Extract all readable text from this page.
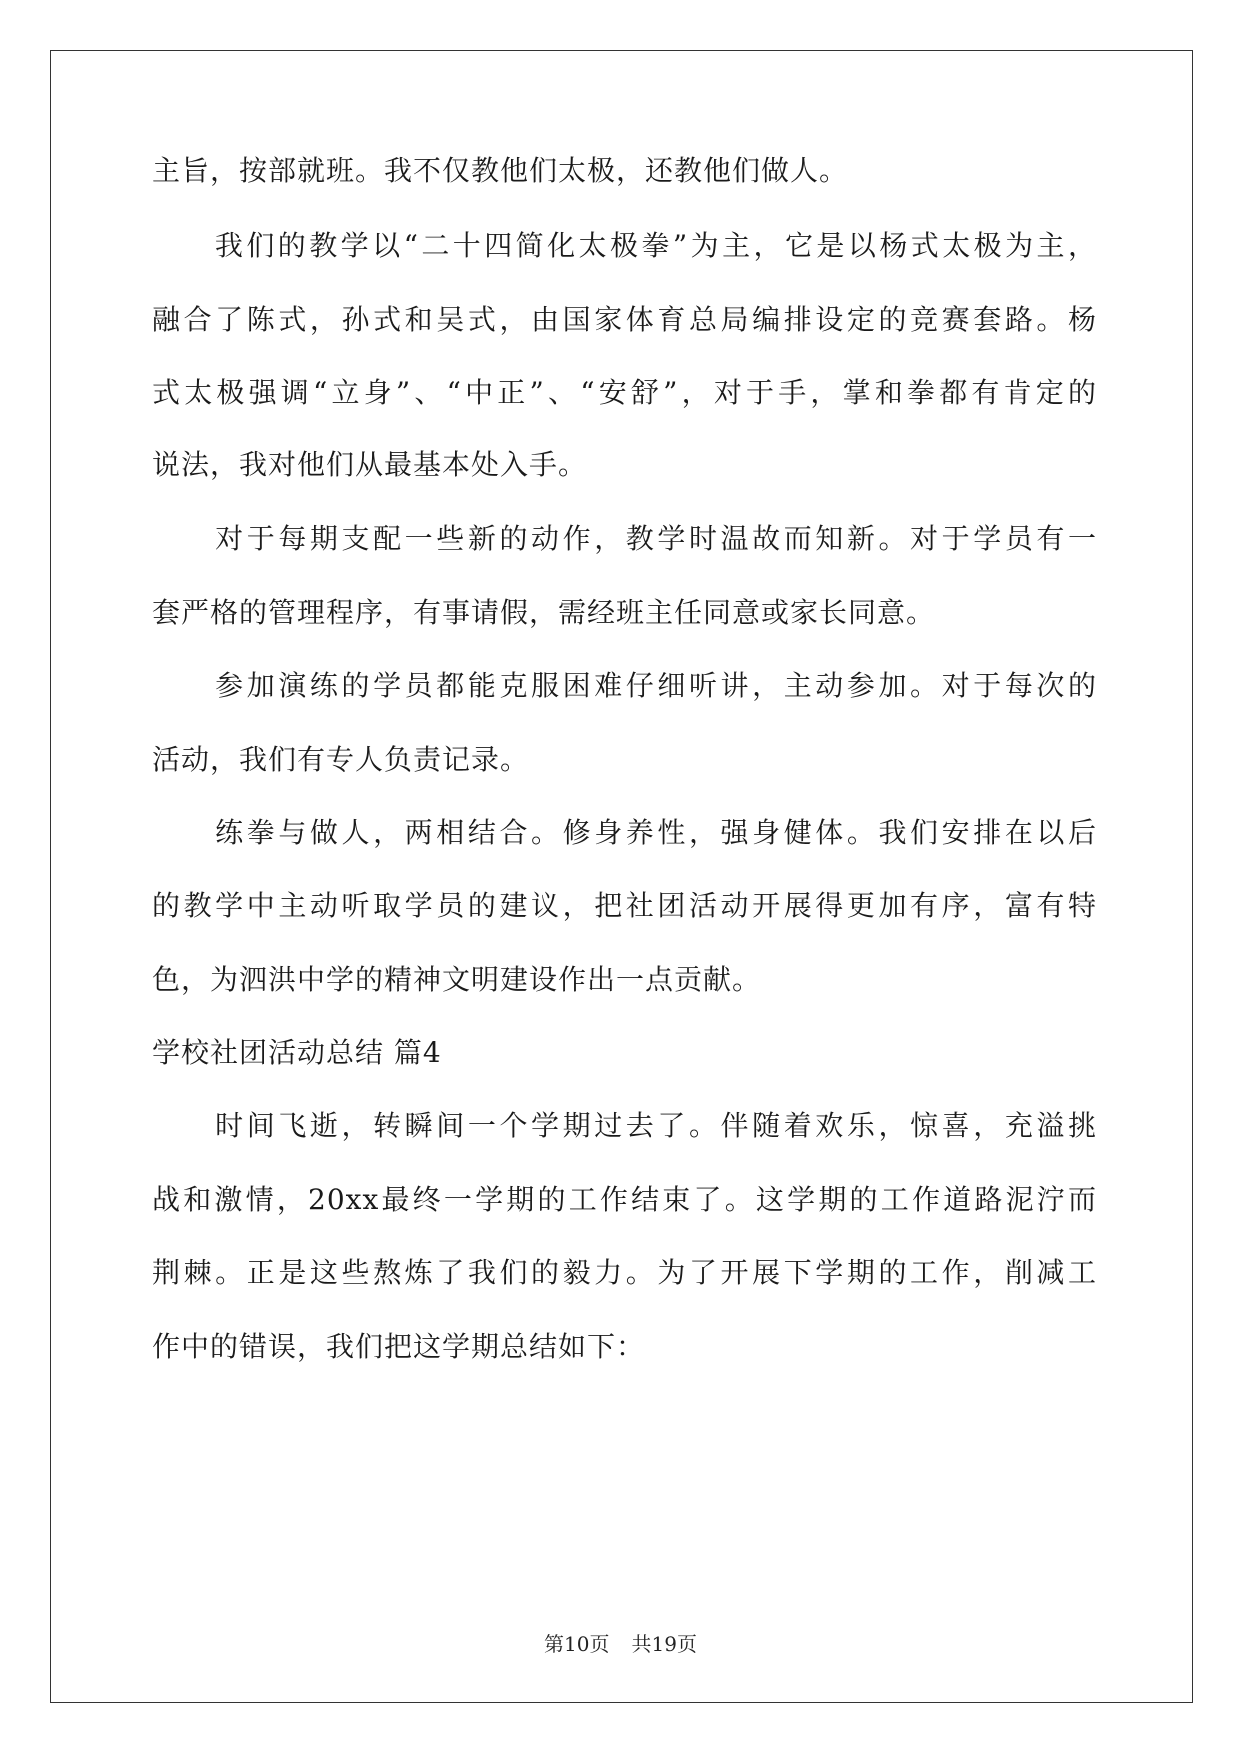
主旨，按部就班。我不仅教他们太极，还教他们做人。
　　我们的教学以“二十四简化太极拳”为主，它是以杨式太极为主，
融合了陈式，孙式和吴式，由国家体育总局编排设定的竞赛套路。杨
式太极强调“立身”、“中正”、“安舒”，对于手，掌和拳都有肯定的
说法，我对他们从最基本处入手。
　　对于每期支配一些新的动作，教学时温故而知新。对于学员有一
套严格的管理程序，有事请假，需经班主任同意或家长同意。
　　参加演练的学员都能克服困难仔细听讲，主动参加。对于每次的
活动，我们有专人负责记录。
　　练拳与做人，两相结合。修身养性，强身健体。我们安排在以后
的教学中主动听取学员的建议，把社团活动开展得更加有序，富有特
色，为泗洪中学的精神文明建设作出一点贡献。
学校社团活动总结 篇4
　　时间飞逝，转瞬间一个学期过去了。伴随着欢乐，惊喜，充溢挑
战和激情，20xx最终一学期的工作结束了。这学期的工作道路泥泞而
荆棘。正是这些熬炼了我们的毅力。为了开展下学期的工作，削减工
作中的错误，我们把这学期总结如下：
第10页 共19页
